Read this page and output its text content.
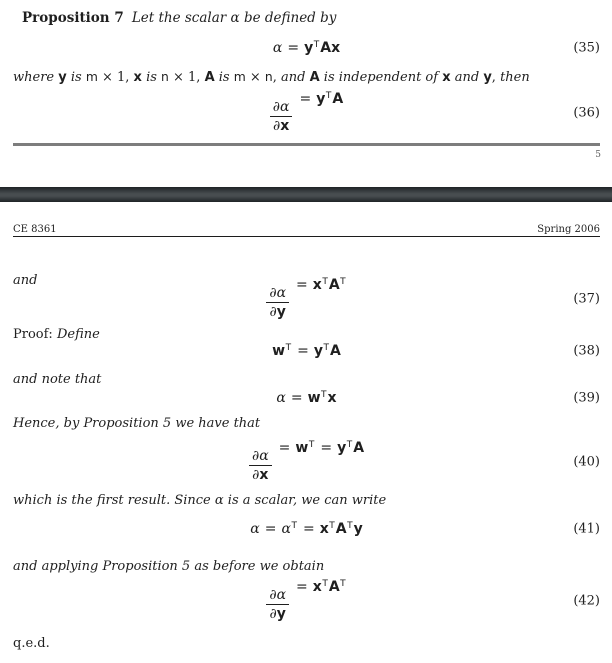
Proposition 7 Let the scalar α be defined by
$\alpha = y^TAx$	(35)
where y is m × 1, x is n × 1, A is m × n, and A is independent of x and y, then
$\frac{\partial\alpha}{\partial x} = y^TA$
(36)
5
CE 8361	Spring 2006
and
$\frac{\partial\alpha}{\partial y} = x^TA^T$
(37)
Proof: Define
$w^T = y^TA$	(38)
and note that
$\alpha = w^Tx$	(39)
Hence, by Proposition 5 we have that
$\frac{\partial\alpha}{\partial x} = w^T = y^TA$
(40)
which is the first result. Since α is a scalar, we can write
$\alpha = \alpha^T = x^TA^Ty$	(41)
and applying Proposition 5 as before we obtain
$\frac{\partial\alpha}{\partial y} = x^TA^T$
(42)
q.e.d.
